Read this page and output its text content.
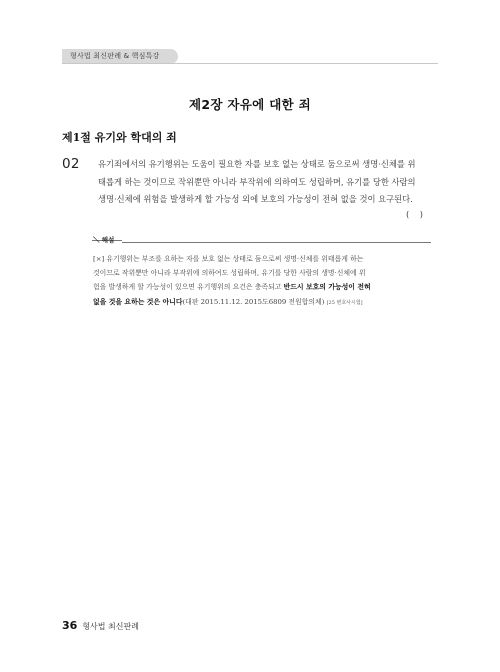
형사법 최신판례 & 핵심특강
제2장 자유에 대한 죄
제1절 유기와 학대의 죄
02 유기죄에서의 유기행위는 도움이 필요한 자를 보호 없는 상태로 둠으로써 생명·신체를 위
태롭게 하는 것이므로 작위뿐만 아니라 부작위에 의하여도 성립하며, 유기를 당한 사람의
생명·신체에 위험을 발생하게 할 가능성 외에 보호의 가능성이 전혀 없을 것이 요구된다.
(    )
＼ 해설
[×] 유기행위는 부조를 요하는 자를 보호 없는 상태로 둠으로써 생명·신체를 위태롭게 하는
것이므로 작위뿐만 아니라 부작위에 의하여도 성립하며, 유기를 당한 사람의 생명·신체에 위
험을 발생하게 할 가능성이 있으면 유기행위의 요건은 충족되고 반드시 보호의 가능성이 전혀
없을 것을 요하는 것은 아니다(대판 2015.11.12. 2015도6809 전원합의체) [25 변호사시험]
36 형사법 최신판례
